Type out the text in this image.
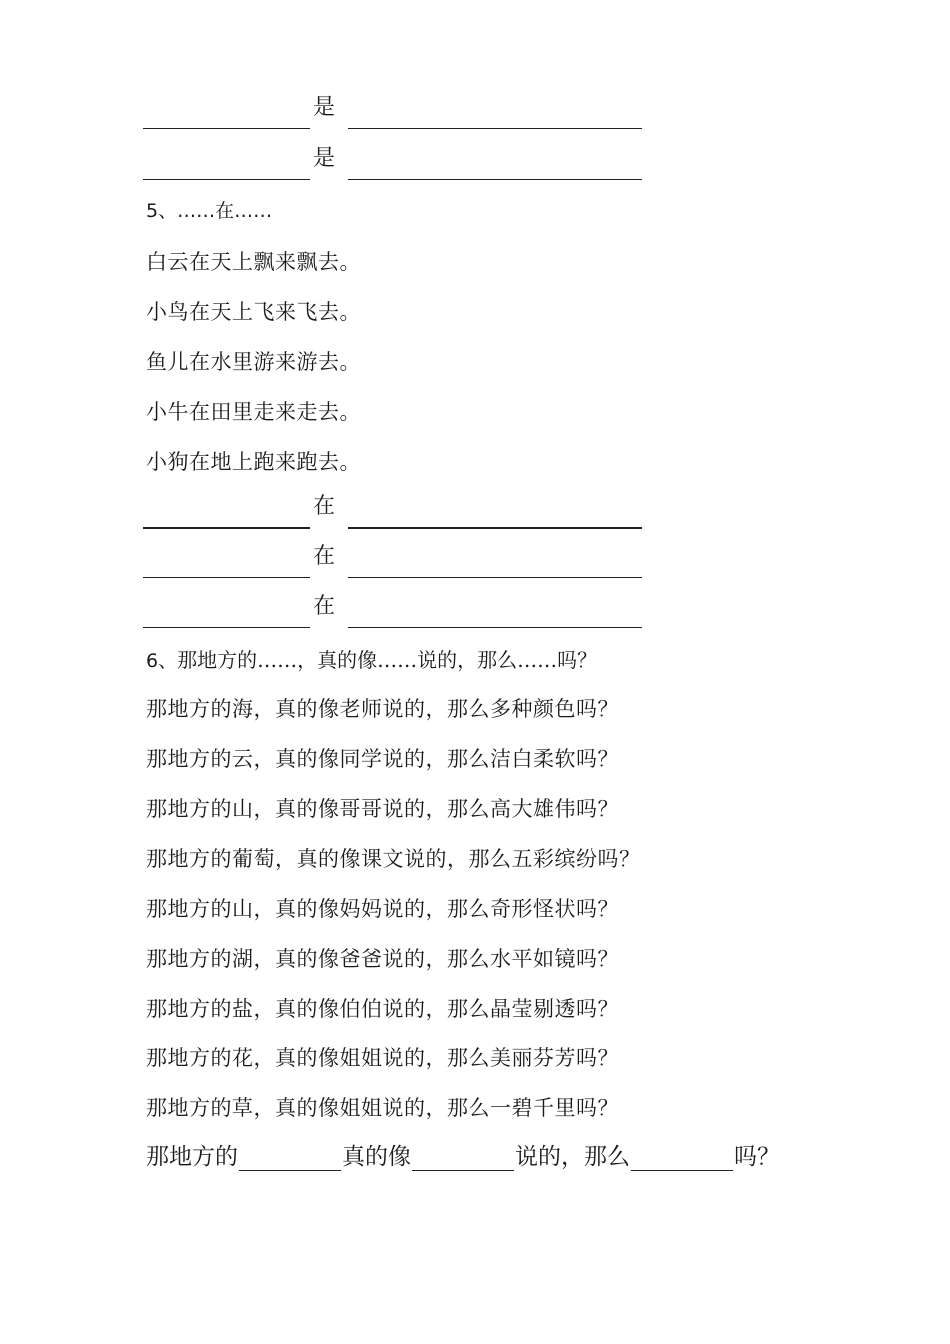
是
是
5、……在……
白云在天上飘来飘去。
小鸟在天上飞来飞去。
鱼儿在水里游来游去。
小牛在田里走来走去。
小狗在地上跑来跑去。
在
在
在
6、那地方的……，真的像……说的，那么……吗？
那地方的海，真的像老师说的，那么多种颜色吗？
那地方的云，真的像同学说的，那么洁白柔软吗？
那地方的山，真的像哥哥说的，那么高大雄伟吗？
那地方的葡萄，真的像课文说的，那么五彩缤纷吗？
那地方的山，真的像妈妈说的，那么奇形怪状吗？
那地方的湖，真的像爸爸说的，那么水平如镜吗？
那地方的盐，真的像伯伯说的，那么晶莹剔透吗？
那地方的花，真的像姐姐说的，那么美丽芬芳吗？
那地方的草，真的像姐姐说的，那么一碧千里吗？
那地方的	真的像	说的，那么	吗？
